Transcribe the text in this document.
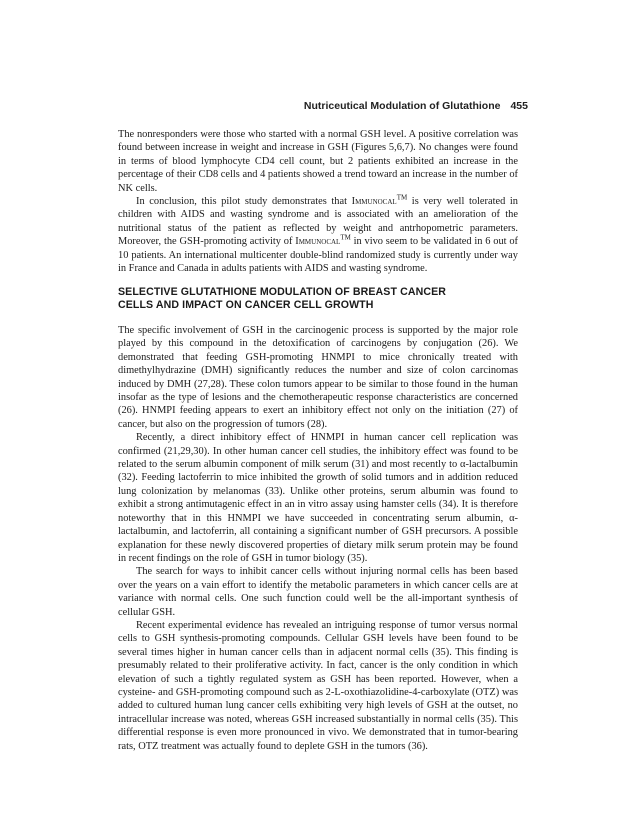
Nutriceutical Modulation of Glutathione 455

The nonresponders were those who started with a normal GSH level. A positive correlation was found between increase in weight and increase in GSH (Figures 5,6,7). No changes were found in terms of blood lymphocyte CD4 cell count, but 2 patients exhibited an increase in the percentage of their CD8 cells and 4 patients showed a trend toward an increase in the number of NK cells.

In conclusion, this pilot study demonstrates that Immunocal™ is very well tolerated in children with AIDS and wasting syndrome and is associated with an amelioration of the nutritional status of the patient as reflected by weight and antrhopometric parameters. Moreover, the GSH-promoting activity of Immunocal™ in vivo seem to be validated in 6 out of 10 patients. An international multicenter double-blind randomized study is currently under way in France and Canada in adults patients with AIDS and wasting syndrome.

SELECTIVE GLUTATHIONE MODULATION OF BREAST CANCER
CELLS AND IMPACT ON CANCER CELL GROWTH

The specific involvement of GSH in the carcinogenic process is supported by the major role played by this compound in the detoxification of carcinogens by conjugation (26). We demonstrated that feeding GSH-promoting HNMPI to mice chronically treated with dimethylhydrazine (DMH) significantly reduces the number and size of colon carcinomas induced by DMH (27,28). These colon tumors appear to be similar to those found in the human insofar as the type of lesions and the chemotherapeutic response characteristics are concerned (26). HNMPI feeding appears to exert an inhibitory effect not only on the initiation (27) of cancer, but also on the progression of tumors (28).

Recently, a direct inhibitory effect of HNMPI in human cancer cell replication was confirmed (21,29,30). In other human cancer cell studies, the inhibitory effect was found to be related to the serum albumin component of milk serum (31) and most recently to α-lactalbumin (32). Feeding lactoferrin to mice inhibited the growth of solid tumors and in addition reduced lung colonization by melanomas (33). Unlike other proteins, serum albumin was found to exhibit a strong antimutagenic effect in an in vitro assay using hamster cells (34). It is therefore noteworthy that in this HNMPI we have succeeded in concentrating serum albumin, α-lactalbumin, and lactoferrin, all containing a significant number of GSH precursors. A possible explanation for these newly discovered properties of dietary milk serum protein may be found in recent findings on the role of GSH in tumor biology (35).

The search for ways to inhibit cancer cells without injuring normal cells has been based over the years on a vain effort to identify the metabolic parameters in which cancer cells are at variance with normal cells. One such function could well be the all-important synthesis of cellular GSH.

Recent experimental evidence has revealed an intriguing response of tumor versus normal cells to GSH synthesis-promoting compounds. Cellular GSH levels have been found to be several times higher in human cancer cells than in adjacent normal cells (35). This finding is presumably related to their proliferative activity. In fact, cancer is the only condition in which elevation of such a tightly regulated system as GSH has been reported. However, when a cysteine- and GSH-promoting compound such as 2-L-oxothiazolidine-4-carboxylate (OTZ) was added to cultured human lung cancer cells exhibiting very high levels of GSH at the outset, no intracellular increase was noted, whereas GSH increased substantially in normal cells (35). This differential response is even more pronounced in vivo. We demonstrated that in tumor-bearing rats, OTZ treatment was actually found to deplete GSH in the tumors (36).
